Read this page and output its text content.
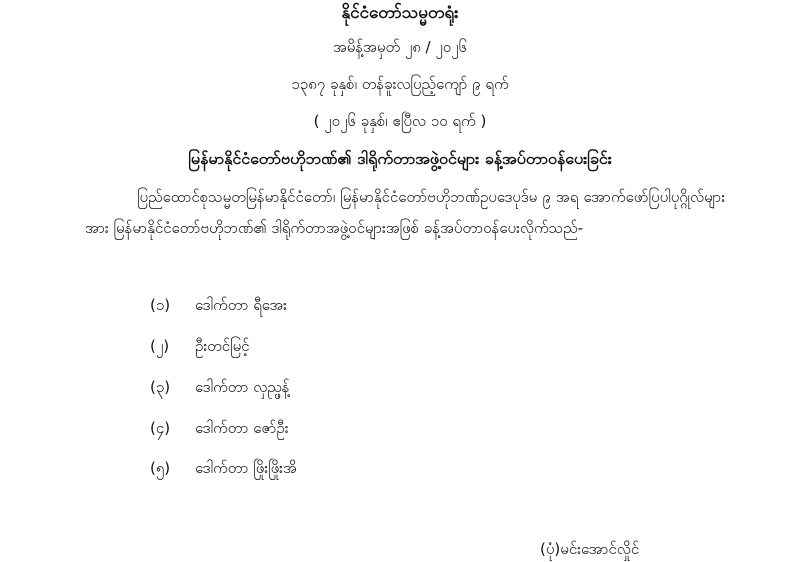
နိုင်ငံတော်သမ္မတရုံး
အမိန့်အမှတ် ၂၈ / ၂၀၂၆
၁၃၈၇ ခုနှစ်၊ တန်ခူးလပြည့်ကျော် ၉ ရက်
( ၂၀၂၆ ခုနှစ်၊ ဧပြီလ ၁၀ ရက် )
မြန်မာနိုင်ငံတော်ဗဟိုဘဏ်၏ ဒါရိုက်တာအဖွဲ့ဝင်များ ခန့်အပ်တာဝန်ပေးခြင်း
ပြည်ထောင်စုသမ္မတမြန်မာနိုင်ငံတော်၊ မြန်မာနိုင်ငံတော်ဗဟိုဘဏ်ဥပဒေပုဒ်မ ၉ အရ အောက်ဖော်ပြပါပုဂ္ဂိုလ်များအား မြန်မာနိုင်ငံတော်ဗဟိုဘဏ်၏ ဒါရိုက်တာအဖွဲ့ဝင်များအဖြစ် ခန့်အပ်တာဝန်ပေးလိုက်သည်-
(၁) ဒေါက်တာ ရီအေး
(၂) ဦးတင်မြင့်
(၃) ဒေါက်တာ လှည္ဖန့်
(၄) ဒေါက်တာ ဇော်ဦး
(၅) ဒေါက်တာ ဖြိုးဖြိုးအိ
(ပုံ)မင်းအောင်လှိုင်
